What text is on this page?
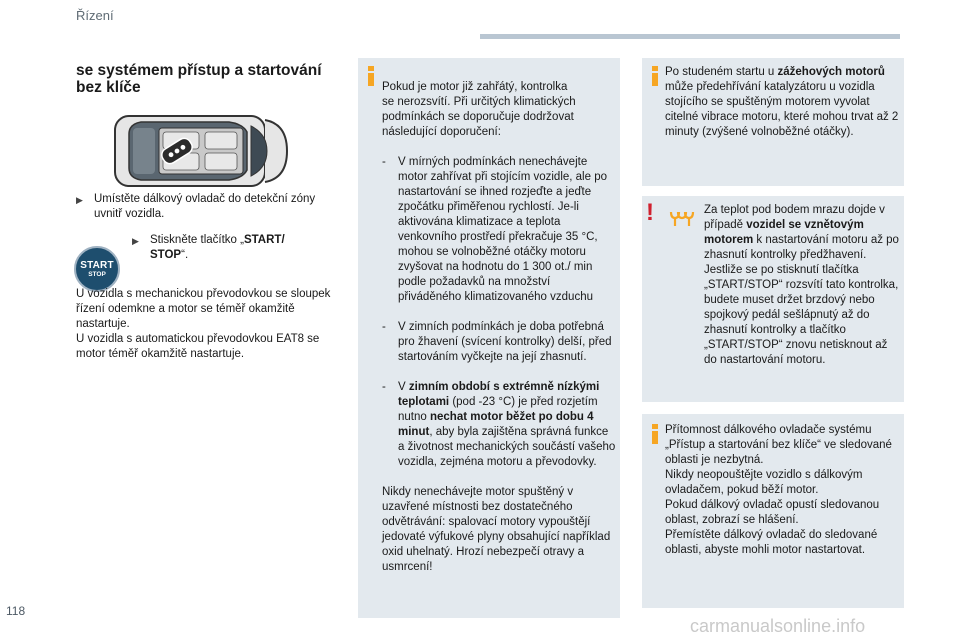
Řízení
se systémem přístup a startování bez klíče
▶ Umístěte dálkový ovladač do detekční zóny uvnitř vozidla.
START
STOP
▶ Stiskněte tlačítko „START/ STOP“.
U vozidla s mechanickou převodovkou se sloupek řízení odemkne a motor se téměř okamžitě nastartuje.
U vozidla s automatickou převodovkou EAT8 se motor téměř okamžitě nastartuje.

Pokud je motor již zahřátý, kontrolka
se nerozsvítí. Při určitých klimatických podmínkách se doporučuje dodržovat následující doporučení:

-	V mírných podmínkách nenechávejte motor zahřívat při stojícím vozidle, ale po nastartování se ihned rozjeďte a jeďte zpočátku přiměřenou rychlostí. Je-li aktivována klimatizace a teplota venkovního prostředí překračuje 35 °C, mohou se volnoběžné otáčky motoru zvyšovat na hodnotu do 1 300 ot./ min podle požadavků na množství přiváděného klimatizovaného vzduchu

-	V zimních podmínkách je doba potřebná pro žhavení (svícení kontrolky) delší, před startováním vyčkejte na její zhasnutí.

-	V zimním období s extrémně nízkými teplotami (pod -23 °C) je před rozjetím nutno nechat motor běžet po dobu 4 minut, aby byla zajištěna správná funkce a životnost mechanických součástí vašeho vozidla, zejména motoru a převodovky.

Nikdy nenechávejte motor spuštěný v uzavřené místnosti bez dostatečného odvětrávání: spalovací motory vypouštějí jedovaté výfukové plyny obsahující například oxid uhelnatý. Hrozí nebezpečí otravy a usmrcení!

Po studeném startu u zážehových motorů může předehřívání katalyzátoru u vozidla stojícího se spuštěným motorem vyvolat citelné vibrace motoru, které mohou trvat až 2 minuty (zvýšené volnoběžné otáčky).
!	Za teplot pod bodem mrazu dojde v případě vozidel se vznětovým motorem k nastartování motoru až po zhasnutí kontrolky předžhavení. Jestliže se po stisknutí tlačítka „START/STOP“ rozsvítí tato kontrolka, budete muset držet brzdový nebo spojkový pedál sešlápnutý až do zhasnutí kontrolky a tlačítko „START/STOP“ znovu netisknout až do nastartování motoru.
Přítomnost dálkového ovladače systému „Přístup a startování bez klíče“ ve sledované oblasti je nezbytná.
Nikdy neopouštějte vozidlo s dálkovým ovladačem, pokud běží motor.
Pokud dálkový ovladač opustí sledovanou oblast, zobrazí se hlášení.
Přemístěte dálkový ovladač do sledované oblasti, abyste mohli motor nastartovat.
118
carmanualsonline.info
